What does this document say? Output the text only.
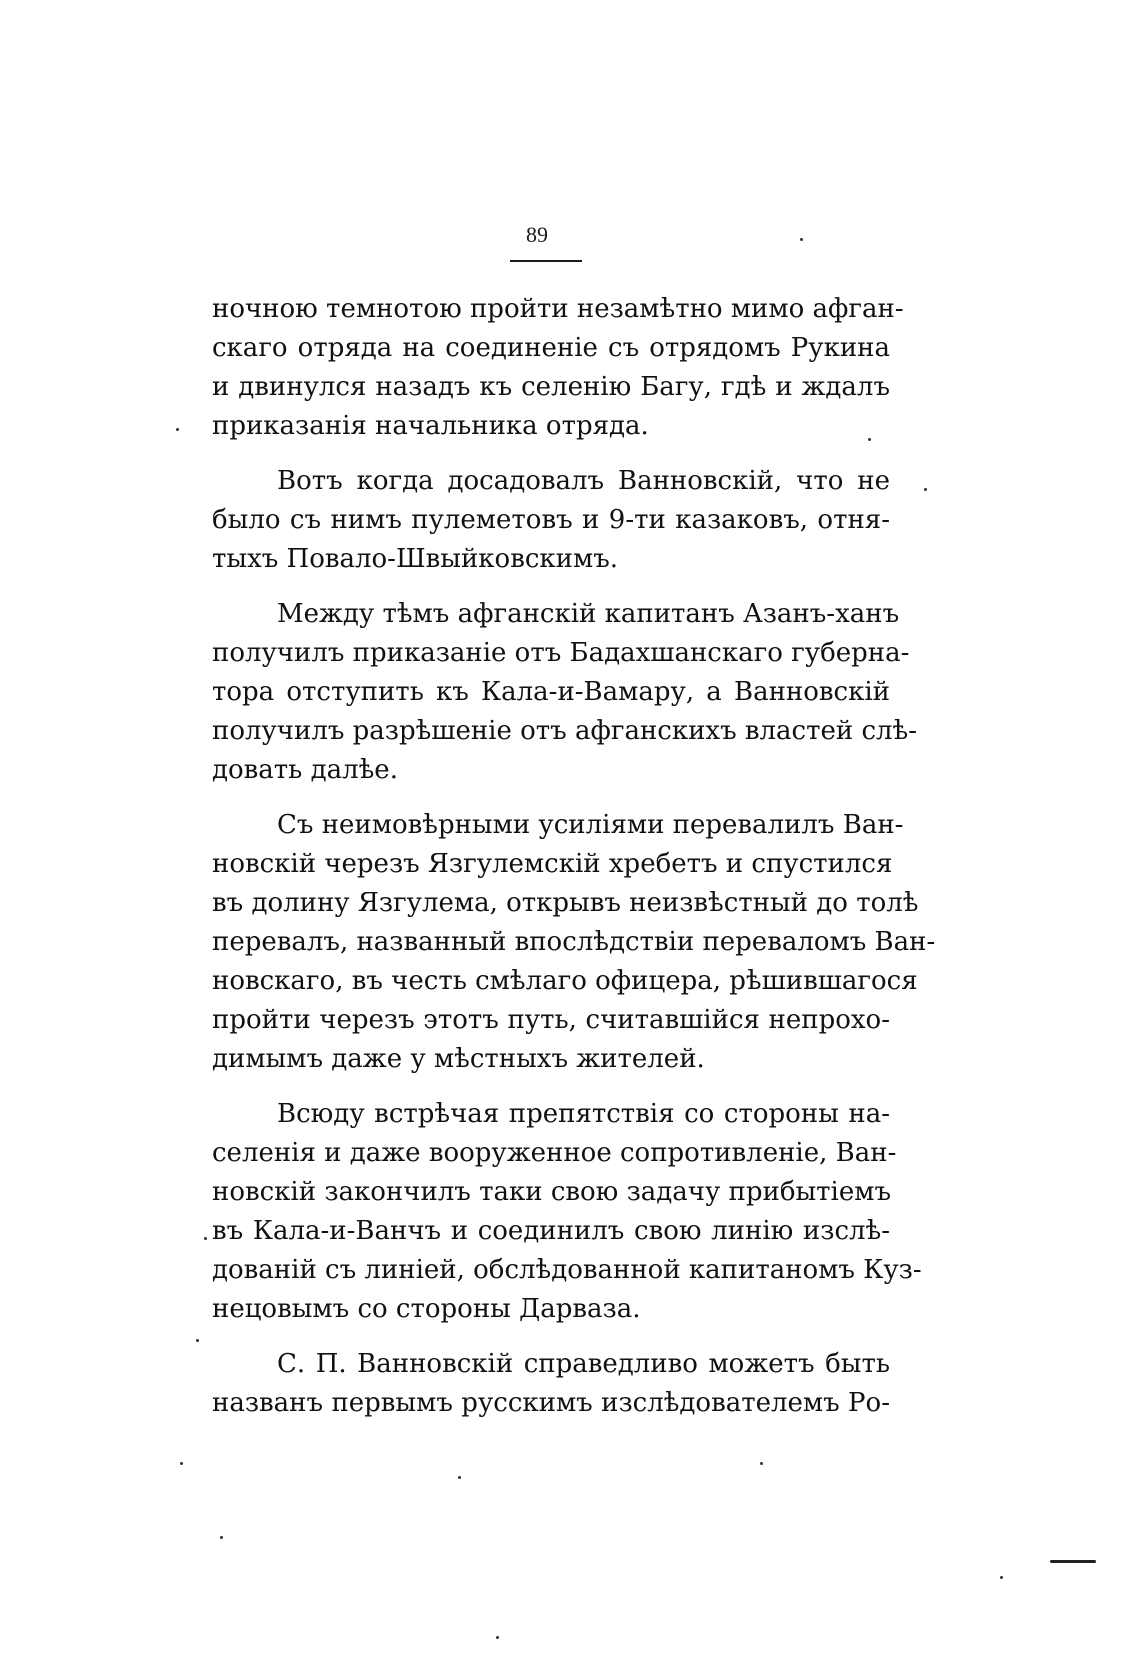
89
ночною темнотою пройти незамѣтно мимо афган-
скаго отряда на соединеніе съ отрядомъ Рукина
и двинулся назадъ къ селенію Багу, гдѣ и ждалъ
приказанія начальника отряда.
Вотъ когда досадовалъ Ванновскій, что не
было съ нимъ пулеметовъ и 9-ти казаковъ, отня-
тыхъ Повало-Швыйковскимъ.
Между тѣмъ афганскій капитанъ Азанъ-ханъ
получилъ приказаніе отъ Бадахшанскаго губерна-
тора отступить къ Кала-и-Вамару, а Ванновскій
получилъ разрѣшеніе отъ афганскихъ властей слѣ-
довать далѣе.
Съ неимовѣрными усиліями перевалилъ Ван-
новскій черезъ Язгулемскій хребетъ и спустился
въ долину Язгулема, открывъ неизвѣстный до толѣ
перевалъ, названный впослѣдствіи переваломъ Ван-
новскаго, въ честь смѣлаго офицера, рѣшившагося
пройти черезъ этотъ путь, считавшійся непрохо-
димымъ даже у мѣстныхъ жителей.
Всюду встрѣчая препятствія со стороны на-
селенія и даже вооруженное сопротивленіе, Ван-
новскій закончилъ таки свою задачу прибытіемъ
въ Кала-и-Ванчъ и соединилъ свою линію изслѣ-
дованій съ линіей, обслѣдованной капитаномъ Куз-
нецовымъ со стороны Дарваза.
С. П. Ванновскій справедливо можетъ быть
названъ первымъ русскимъ изслѣдователемъ Ро-
